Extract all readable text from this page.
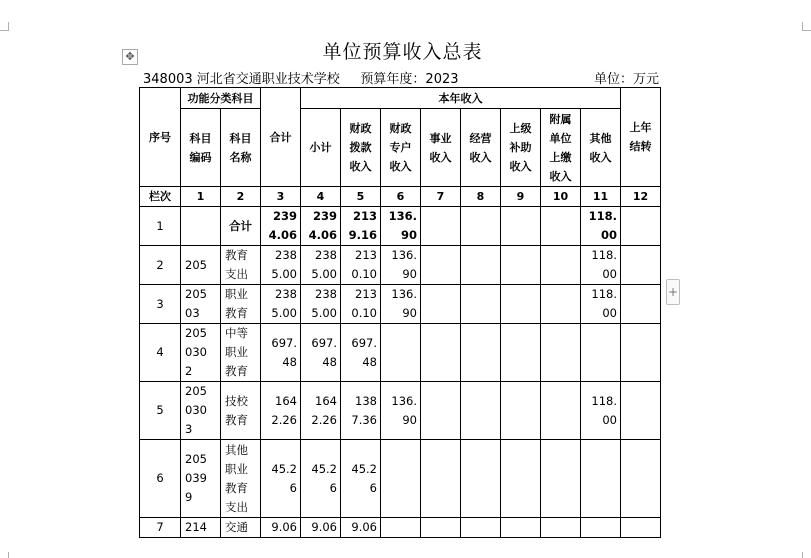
✥
+
单位预算收入总表
348003 河北省交通职业技术学校     预算年度：2023	单位：万元
序号	功能分类科目		合计	本年收入								上年结转
	科目编码	科目名称		小计	财政拨款收入	财政专户收入	事业收入	经营收入	上级补助收入	附属单位上缴收入	其他收入	
栏次	1	2	3	4	5	6	7	8	9	10	11	12
1		合计	2394.06	2394.06	2139.16	136.90					118.00	
2	205	教育支出	2385.00	2385.00	2130.10	136.90					118.00	
3	20503	职业教育	2385.00	2385.00	2130.10	136.90					118.00	
4	2050302	中等职业教育	697.48	697.48	697.48							
5	2050303	技校教育	1642.26	1642.26	1387.36	136.90					118.00	
6	2050399	其他职业教育支出	45.26	45.26	45.26							
7	214	交通	9.06	9.06	9.06							
